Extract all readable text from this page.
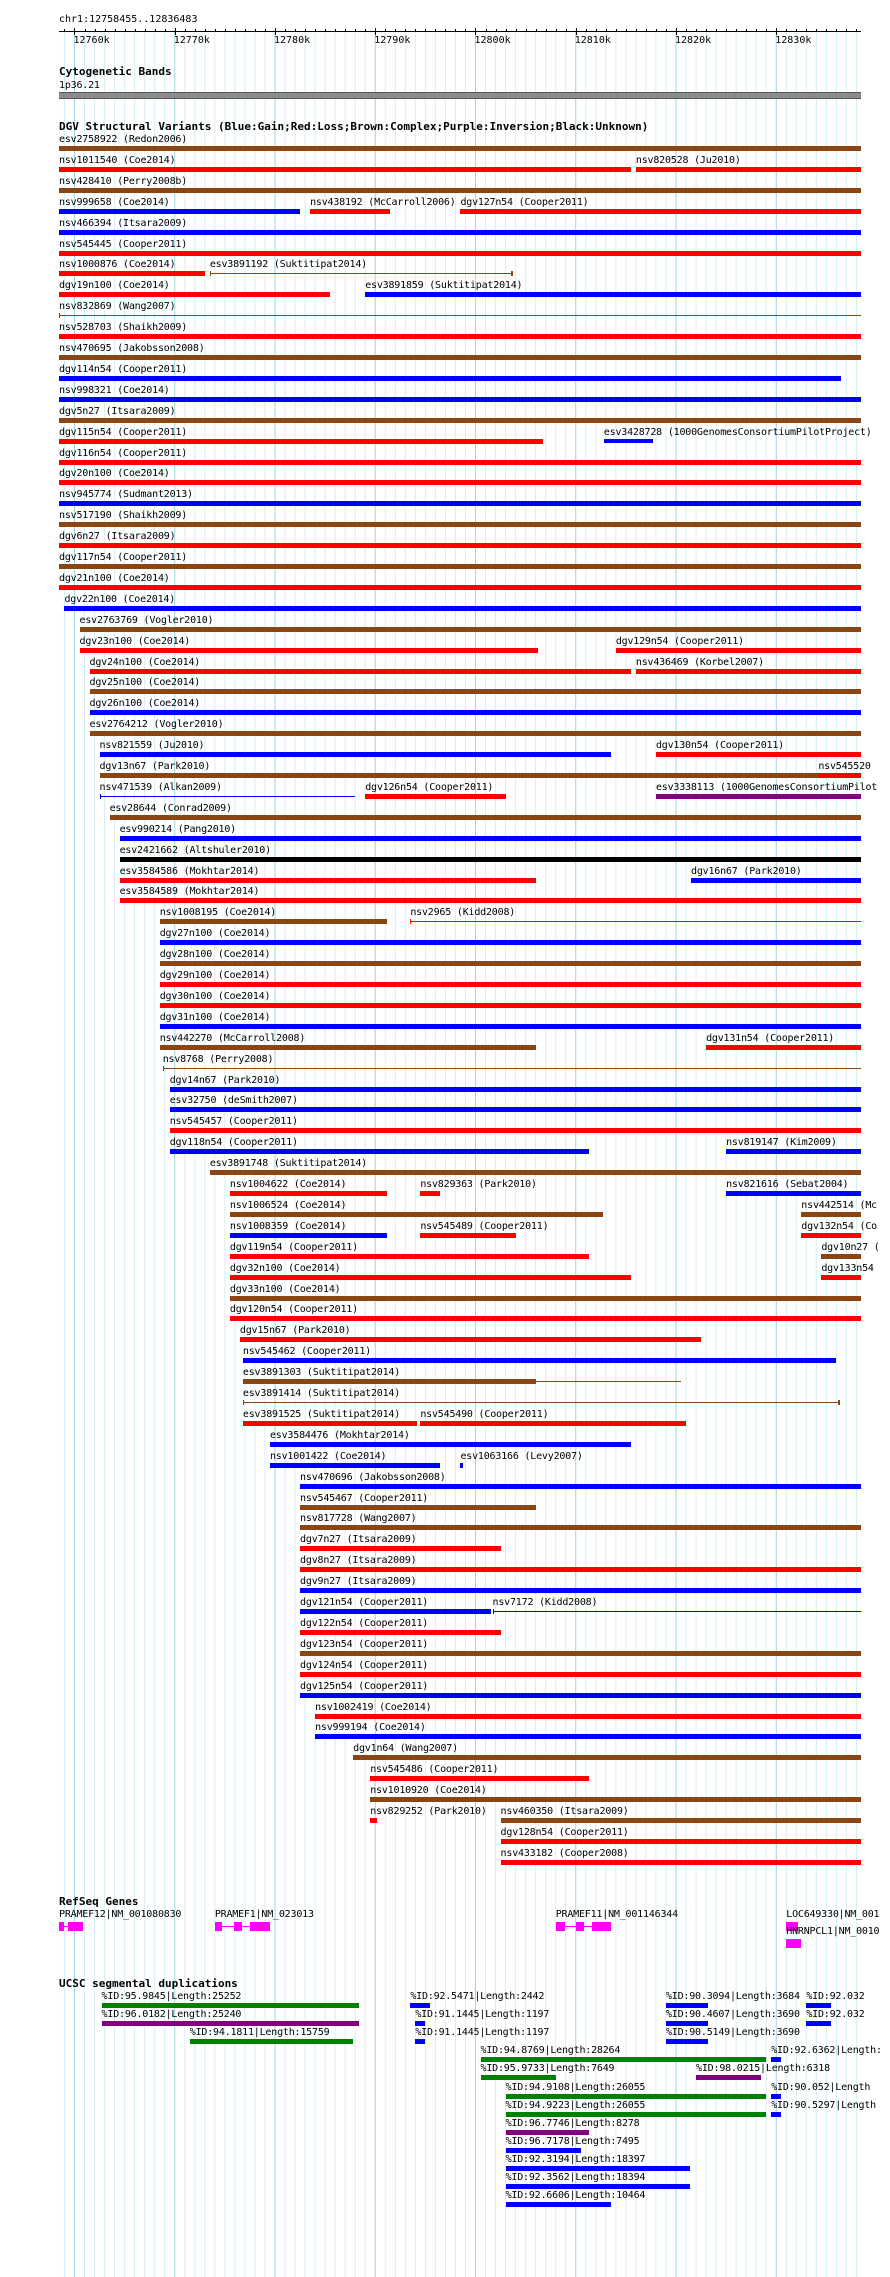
chr1:12758455..12836483
12760k	12770k	12780k	12790k	12800k	12810k	12820k	12830k
Cytogenetic Bands
1p36.21
DGV Structural Variants (Blue:Gain;Red:Loss;Brown:Complex;Purple:Inversion;Black:Unknown)
RefSeq Genes
UCSC segmental duplications
esv2758922 (Redon2006)
nsv1011540 (Coe2014)	nsv820528 (Ju2010)
nsv428410 (Perry2008b)
nsv999658 (Coe2014)	nsv438192 (McCarroll2006) dgv127n54 (Cooper2011)
nsv466394 (Itsara2009)
nsv545445 (Cooper2011)
nsv1000876 (Coe2014)	esv3891192 (Suktitipat2014)
dgv19n100 (Coe2014)	esv3891859 (Suktitipat2014)
nsv832869 (Wang2007)
nsv528703 (Shaikh2009)
nsv470695 (Jakobsson2008)
dgv114n54 (Cooper2011)
nsv998321 (Coe2014)
dgv5n27 (Itsara2009)
dgv115n54 (Cooper2011)	esv3428728 (1000GenomesConsortiumPilotProject)
dgv116n54 (Cooper2011)
dgv20n100 (Coe2014)
nsv945774 (Sudmant2013)
nsv517190 (Shaikh2009)
dgv6n27 (Itsara2009)
dgv117n54 (Cooper2011)
dgv21n100 (Coe2014)
dgv22n100 (Coe2014)
esv2763769 (Vogler2010)
dgv23n100 (Coe2014)	dgv129n54 (Cooper2011)
dgv24n100 (Coe2014)	nsv436469 (Korbel2007)
dgv25n100 (Coe2014)
dgv26n100 (Coe2014)
esv2764212 (Vogler2010)
nsv821559 (Ju2010)	dgv130n54 (Cooper2011)
dgv13n67 (Park2010)	nsv545520
nsv471539 (Alkan2009)	dgv126n54 (Cooper2011)	esv3338113 (1000GenomesConsortiumPilot
esv28644 (Conrad2009)
esv990214 (Pang2010)
esv2421662 (Altshuler2010)
esv3584586 (Mokhtar2014)	dgv16n67 (Park2010)
esv3584589 (Mokhtar2014)
nsv1008195 (Coe2014)	nsv2965 (Kidd2008)
dgv27n100 (Coe2014)
dgv28n100 (Coe2014)
dgv29n100 (Coe2014)
dgv30n100 (Coe2014)
dgv31n100 (Coe2014)
nsv442270 (McCarroll2008)	dgv131n54 (Cooper2011)
nsv8768 (Perry2008)
dgv14n67 (Park2010)
esv32750 (deSmith2007)
nsv545457 (Cooper2011)
dgv118n54 (Cooper2011)	nsv819147 (Kim2009)
esv3891748 (Suktitipat2014)
nsv1004622 (Coe2014)	nsv829363 (Park2010)	nsv821616 (Sebat2004)
nsv1006524 (Coe2014)	nsv442514 (Mc
nsv1008359 (Coe2014)	nsv545489 (Cooper2011)	dgv132n54 (Co
dgv119n54 (Cooper2011)	dgv10n27 (
dgv32n100 (Coe2014)	dgv133n54
dgv33n100 (Coe2014)
dgv120n54 (Cooper2011)
dgv15n67 (Park2010)
nsv545462 (Cooper2011)
esv3891303 (Suktitipat2014)
esv3891414 (Suktitipat2014)
esv3891525 (Suktitipat2014) nsv545490 (Cooper2011)
esv3584476 (Mokhtar2014)
nsv1001422 (Coe2014)	esv1063166 (Levy2007)
nsv470696 (Jakobsson2008)
nsv545467 (Cooper2011)
nsv817728 (Wang2007)
dgv7n27 (Itsara2009)
dgv8n27 (Itsara2009)
dgv9n27 (Itsara2009)
dgv121n54 (Cooper2011)	nsv7172 (Kidd2008)
dgv122n54 (Cooper2011)
dgv123n54 (Cooper2011)
dgv124n54 (Cooper2011)
dgv125n54 (Cooper2011)
nsv1002419 (Coe2014)
nsv999194 (Coe2014)
dgv1n64 (Wang2007)
nsv545486 (Cooper2011)
nsv1010920 (Coe2014)
nsv829252 (Park2010) nsv460350 (Itsara2009)
dgv128n54 (Cooper2011)
nsv433182 (Cooper2008)
PRAMEF12|NM_001080830	PRAMEF1|NM_023013	PRAMEF11|NM_001146344	LOC649330|NM_001
HNRNPCL1|NM_0010
%ID:95.9845|Length:25252	%ID:92.5471|Length:2442	%ID:90.3094|Length:3684 %ID:92.032
%ID:96.0182|Length:25240	%ID:91.1445|Length:1197	%ID:90.4607|Length:3690 %ID:92.032
%ID:94.1811|Length:15759	%ID:91.1445|Length:1197	%ID:90.5149|Length:3690
%ID:94.8769|Length:28264	%ID:92.6362|Length:
%ID:95.9733|Length:7649	%ID:98.0215|Length:6318
%ID:94.9108|Length:26055	%ID:90.052|Length
%ID:94.9223|Length:26055	%ID:90.5297|Length
%ID:96.7746|Length:8278
%ID:96.7178|Length:7495
%ID:92.3194|Length:18397
%ID:92.3562|Length:18394
%ID:92.6606|Length:10464
